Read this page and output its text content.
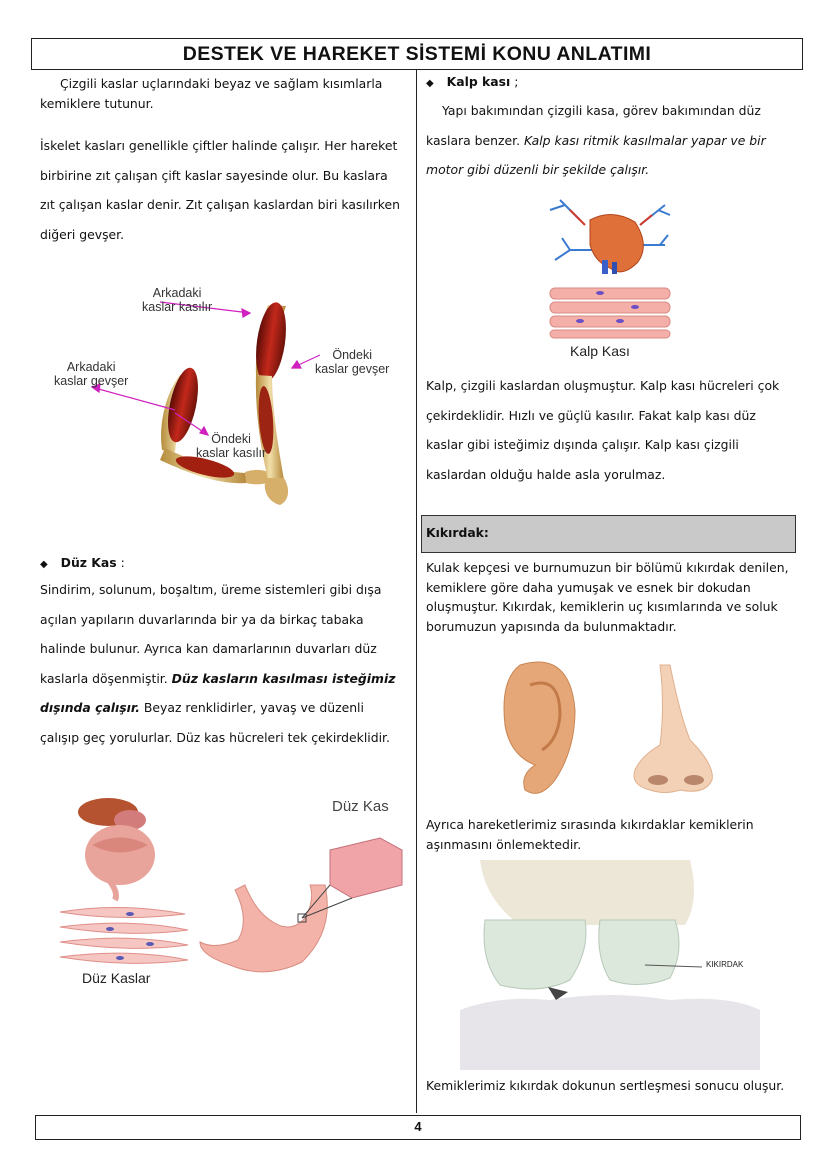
DESTEK VE HAREKET SİSTEMİ KONU ANLATIMI
Çizgili kaslar uçlarındaki beyaz ve sağlam kısımlarla kemiklere tutunur.
İskelet kasları genellikle çiftler halinde çalışır. Her hareket birbirine zıt çalışan çift kaslar sayesinde olur. Bu kaslara zıt çalışan kaslar denir. Zıt çalışan kaslardan biri kasılırken diğeri gevşer.
Arkadaki
kaslar kasılır
Arkadaki
kaslar gevşer
Öndeki
kaslar gevşer
Öndeki
kaslar kasılır
◆ Düz Kas :
Sindirim, solunum, boşaltım, üreme sistemleri gibi dışa açılan yapıların duvarlarında bir ya da birkaç tabaka halinde bulunur. Ayrıca kan damarlarının duvarları düz kaslarla döşenmiştir. Düz kasların kasılması isteğimiz dışında çalışır. Beyaz renklidirler, yavaş ve düzenli çalışıp geç yorulurlar. Düz kas hücreleri tek çekirdeklidir.
Düz Kaslar
Düz Kas
◆ Kalp kası ;
Yapı bakımından çizgili kasa, görev bakımından düz kaslara benzer. Kalp kası ritmik kasılmalar yapar ve bir motor gibi düzenli bir şekilde çalışır.
Kalp Kası
Kalp, çizgili kaslardan oluşmuştur. Kalp kası hücreleri çok çekirdeklidir. Hızlı ve güçlü kasılır. Fakat kalp kası düz kaslar gibi isteğimiz dışında çalışır. Kalp kası çizgili kaslardan olduğu halde asla yorulmaz.
Kıkırdak:
Kulak kepçesi ve burnumuzun bir bölümü kıkırdak denilen, kemiklere göre daha yumuşak ve esnek bir dokudan oluşmuştur. Kıkırdak, kemiklerin uç kısımlarında ve soluk borumuzun yapısında da bulunmaktadır.
Ayrıca hareketlerimiz sırasında kıkırdaklar kemiklerin aşınmasını önlemektedir.
KIKIRDAK
Kemiklerimiz kıkırdak dokunun sertleşmesi sonucu oluşur.
4
